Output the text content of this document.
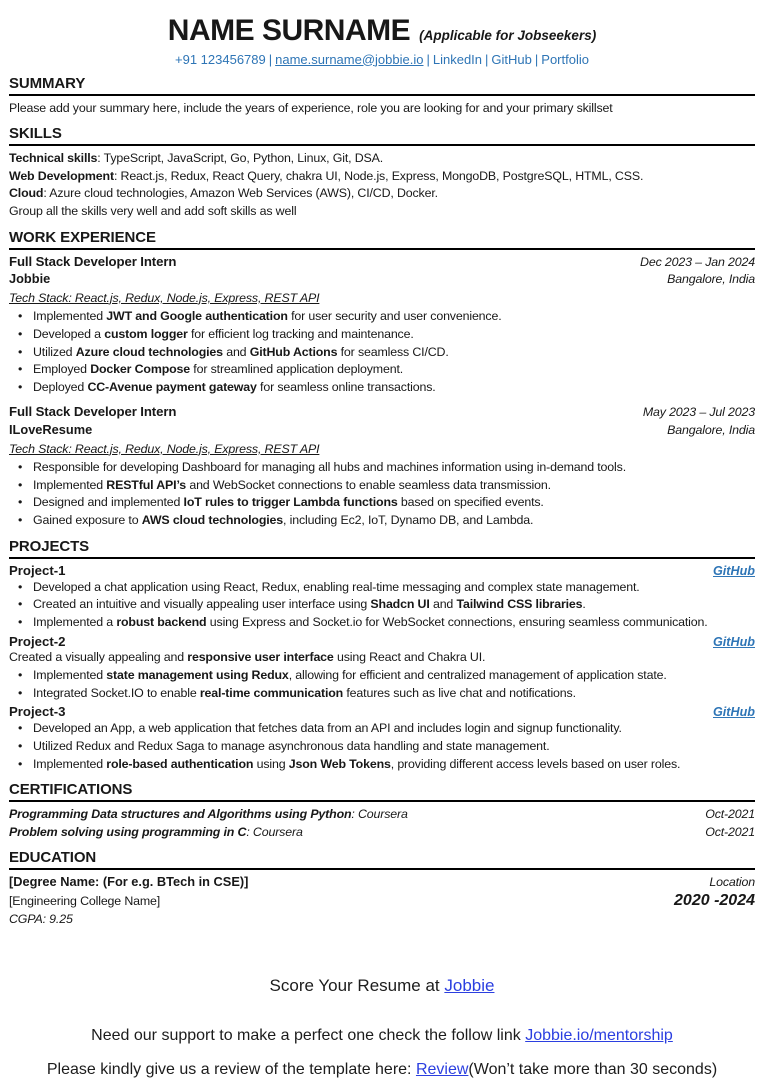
NAME SURNAME (Applicable for Jobseekers)
+91 123456789 | name.surname@jobbie.io | LinkedIn | GitHub | Portfolio
SUMMARY
Please add your summary here, include the years of experience, role you are looking for and your primary skillset
SKILLS
Technical skills: TypeScript, JavaScript, Go, Python, Linux, Git, DSA.
Web Development: React.js, Redux, React Query, chakra UI, Node.js, Express, MongoDB, PostgreSQL, HTML, CSS.
Cloud: Azure cloud technologies, Amazon Web Services (AWS), CI/CD, Docker.
Group all the skills very well and add soft skills as well
WORK EXPERIENCE
Full Stack Developer Intern	Dec 2023 – Jan 2024
Jobbie	Bangalore, India
Tech Stack: React.js, Redux, Node.js, Express, REST API
• Implemented JWT and Google authentication for user security and user convenience.
• Developed a custom logger for efficient log tracking and maintenance.
• Utilized Azure cloud technologies and GitHub Actions for seamless CI/CD.
• Employed Docker Compose for streamlined application deployment.
• Deployed CC-Avenue payment gateway for seamless online transactions.
Full Stack Developer Intern	May 2023 – Jul 2023
ILoveResume	Bangalore, India
Tech Stack: React.js, Redux, Node.js, Express, REST API
• Responsible for developing Dashboard for managing all hubs and machines information using in-demand tools.
• Implemented RESTful API’s and WebSocket connections to enable seamless data transmission.
• Designed and implemented IoT rules to trigger Lambda functions based on specified events.
• Gained exposure to AWS cloud technologies, including Ec2, IoT, Dynamo DB, and Lambda.
PROJECTS
Project-1	GitHub
• Developed a chat application using React, Redux, enabling real-time messaging and complex state management.
• Created an intuitive and visually appealing user interface using Shadcn UI and Tailwind CSS libraries.
• Implemented a robust backend using Express and Socket.io for WebSocket connections, ensuring seamless communication.
Project-2	GitHub
Created a visually appealing and responsive user interface using React and Chakra UI.
• Implemented state management using Redux, allowing for efficient and centralized management of application state.
• Integrated Socket.IO to enable real-time communication features such as live chat and notifications.
Project-3	GitHub
• Developed an App, a web application that fetches data from an API and includes login and signup functionality.
• Utilized Redux and Redux Saga to manage asynchronous data handling and state management.
• Implemented role-based authentication using Json Web Tokens, providing different access levels based on user roles.
CERTIFICATIONS
Programming Data structures and Algorithms using Python: Coursera	Oct-2021
Problem solving using programming in C: Coursera	Oct-2021
EDUCATION
[Degree Name: (For e.g. BTech in CSE)]	Location
[Engineering College Name]	2020 -2024
CGPA: 9.25
Score Your Resume at Jobbie
Need our support to make a perfect one check the follow link Jobbie.io/mentorship
Please kindly give us a review of the template here: Review(Won’t take more than 30 seconds)
